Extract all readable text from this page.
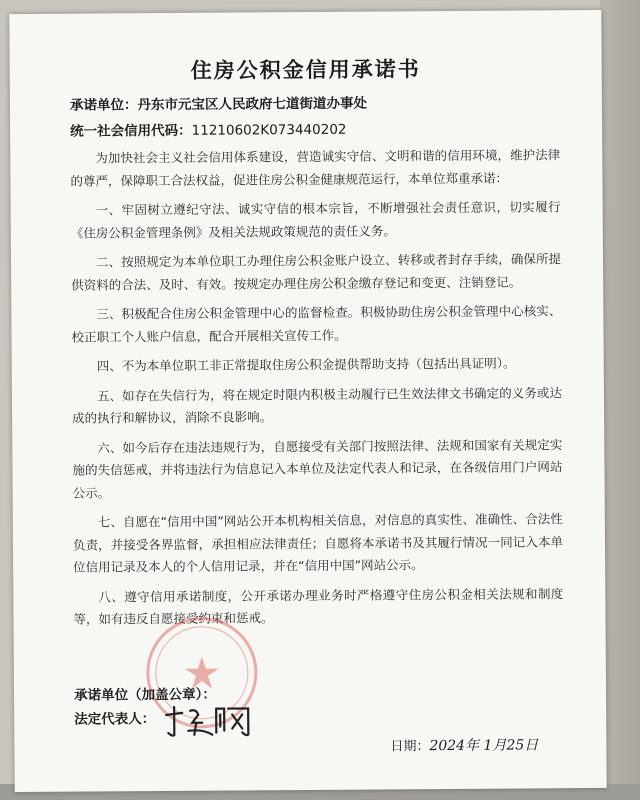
住房公积金信用承诺书
承诺单位：丹东市元宝区人民政府七道街道办事处
统一社会信用代码：11210602K073440202

为加快社会主义社会信用体系建设，营造诚实守信、文明和谐的信用环境，维护法律的尊严，保障职工合法权益，促进住房公积金健康规范运行，本单位郑重承诺：

一、牢固树立遵纪守法、诚实守信的根本宗旨，不断增强社会责任意识，切实履行《住房公积金管理条例》及相关法规政策规范的责任义务。

二、按照规定为本单位职工办理住房公积金账户设立、转移或者封存手续，确保所提供资料的合法、及时、有效。按规定办理住房公积金缴存登记和变更、注销登记。

三、积极配合住房公积金管理中心的监督检查。积极协助住房公积金管理中心核实、校正职工个人账户信息，配合开展相关宣传工作。

四、不为本单位职工非正常提取住房公积金提供帮助支持（包括出具证明）。

五、如存在失信行为，将在规定时限内积极主动履行已生效法律文书确定的义务或达成的执行和解协议，消除不良影响。

六、如今后存在违法违规行为，自愿接受有关部门按照法律、法规和国家有关规定实施的失信惩戒，并将违法行为信息记入本单位及法定代表人和记录，在各级信用门户网站公示。

七、自愿在“信用中国”网站公开本机构相关信息，对信息的真实性、准确性、合法性负责，并接受各界监督，承担相应法律责任；自愿将本承诺书及其履行情况一同记入本单位信用记录及本人的个人信用记录，并在“信用中国”网站公示。

八、遵守信用承诺制度，公开承诺办理业务时严格遵守住房公积金相关法规和制度等，如有违反自愿接受约束和惩戒。

承诺单位（加盖公章）：
法定代表人：
日期：2024年 1月25日
